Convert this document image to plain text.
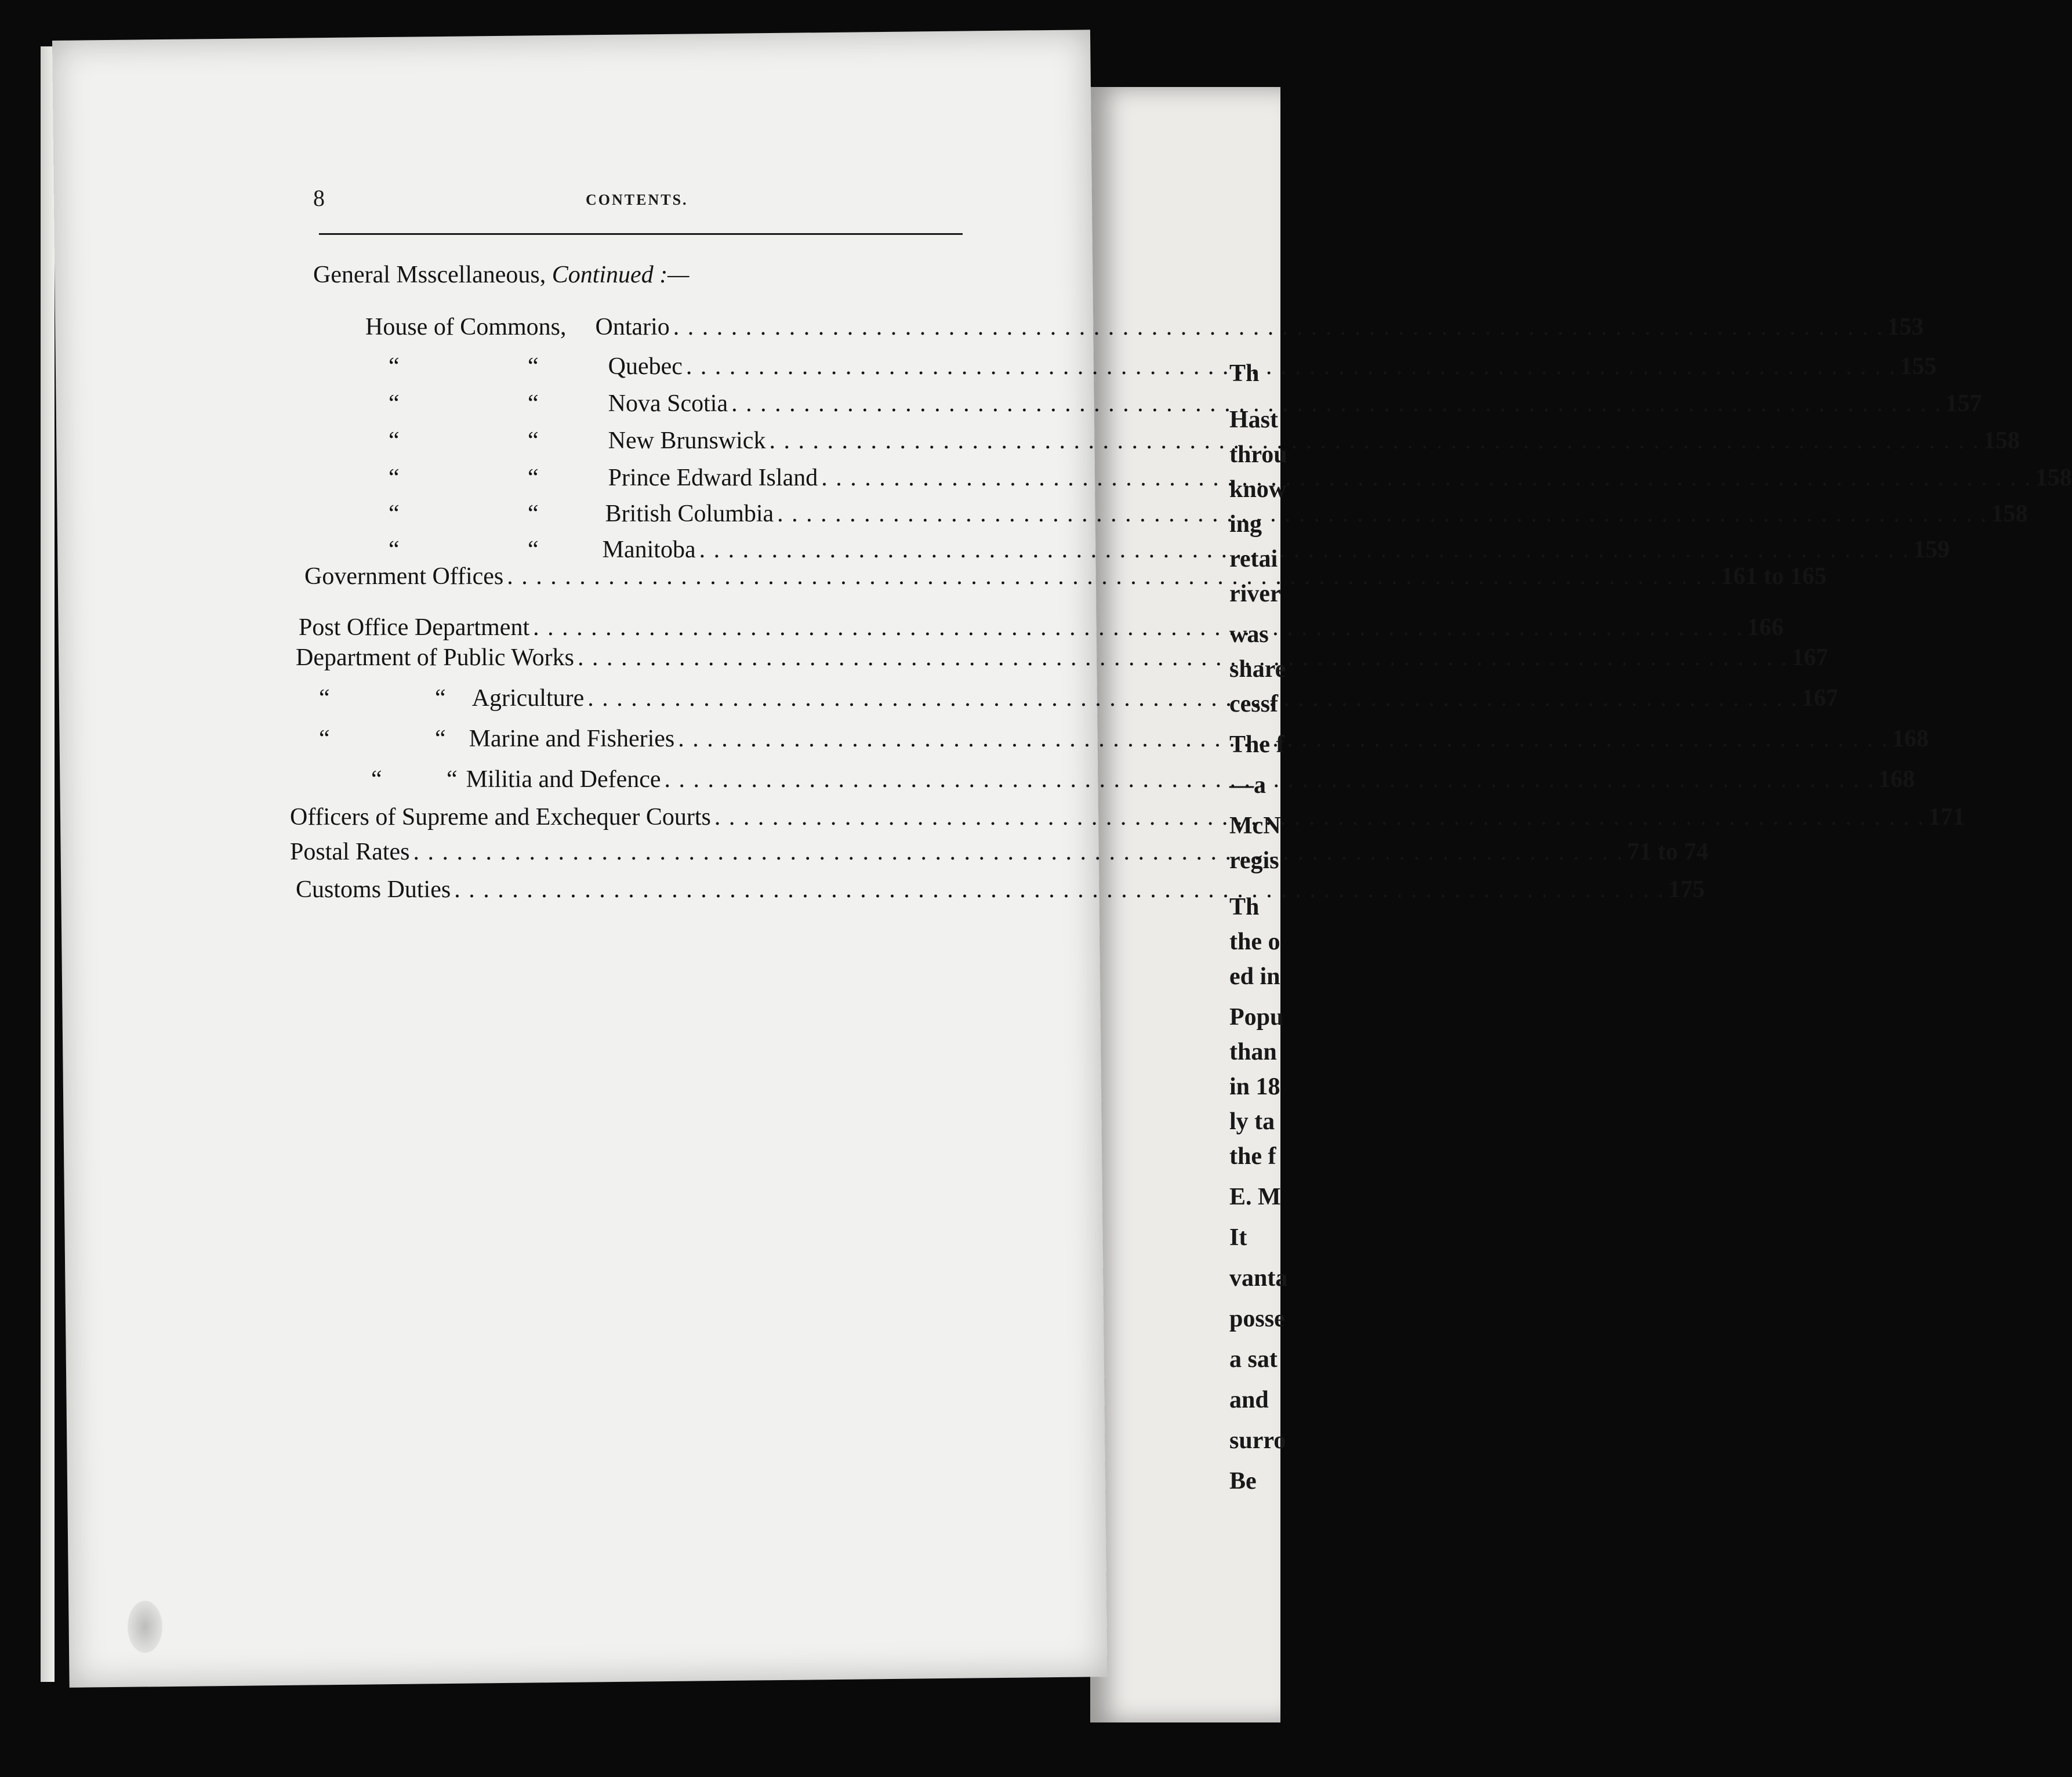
Th
Hast
throu
know
ing
retai
river
was
share
cessf
The f
—a
McN
regis
Th
the o
ed in
Popu
than
in 18
ly ta
the f
E. M
It
vanta
posse
a sat
and
surro
Be

8	CONTENTS.
General Msscellaneous, Continued :—
House of Commons, Ontario . . .	153
“	“	Quebec . . .	155
“	“	Nova Scotia . . .	157
“	“	New Brunswick . . .	158
“	“	Prince Edward Island . . .	158
“	“	British Columbia . . .	158
“	“	Manitoba . . .	159
Government Offices . . .	161 to 165
Post Office Department . . .	166
Department of Public Works . . .	167
“	“ Agriculture . . .	167
“	“ Marine and Fisheries . . .	168
“	“ Militia and Defence . . .	168
Officers of Supreme and Exchequer Courts . . .	171
Postal Rates . . .	71 to 74
Customs Duties . . .	175
